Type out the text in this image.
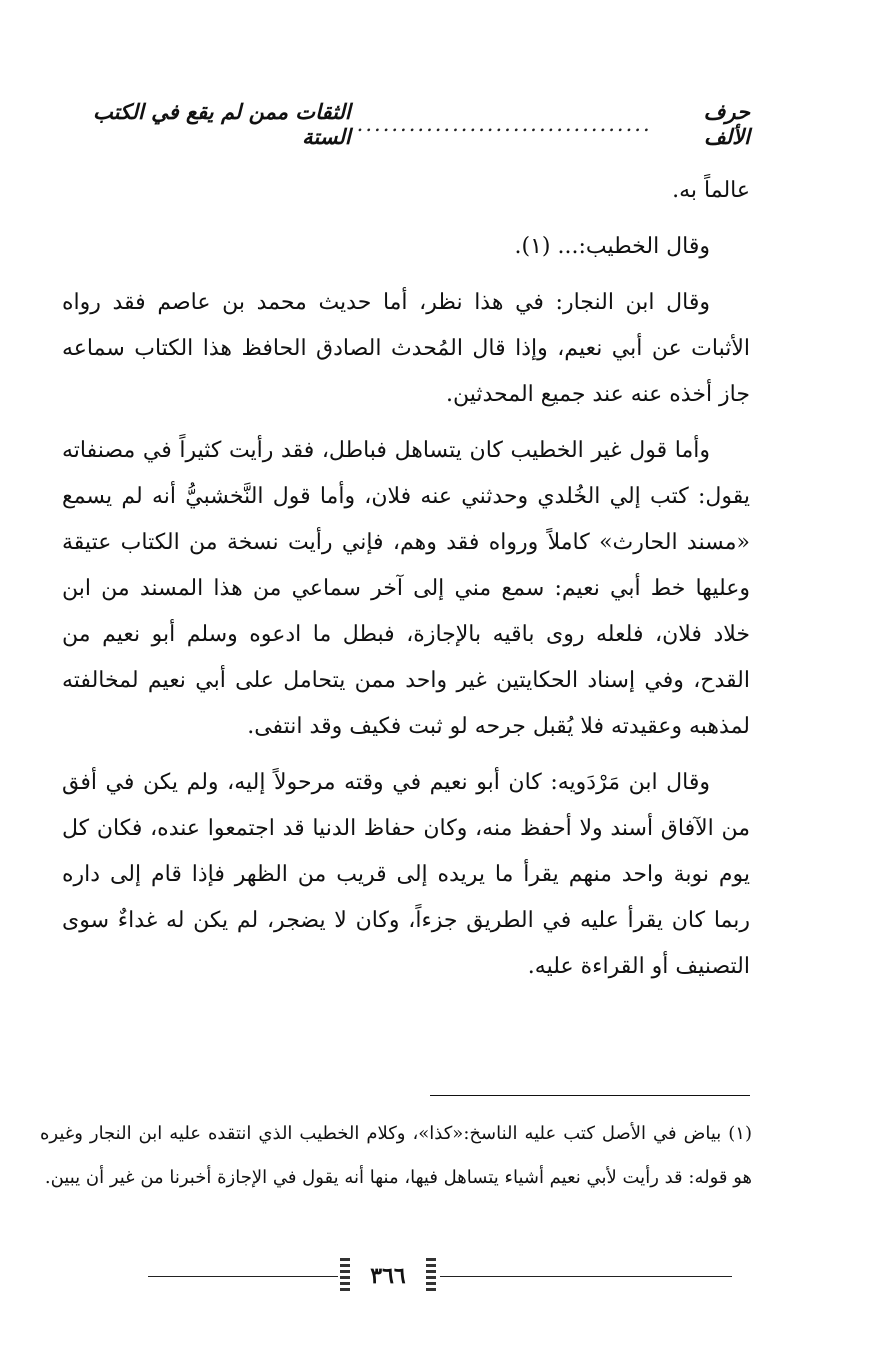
حرف الألف
..................................
الثقات ممن لم يقع في الكتب الستة

عالماً به.

وقال الخطيب:... (١).

وقال ابن النجار: في هذا نظر، أما حديث محمد بن عاصم فقد رواه الأثبات عن أبي نعيم، وإذا قال المُحدث الصادق الحافظ هذا الكتاب سماعه جاز أخذه عنه عند جميع المحدثين.

وأما قول غير الخطيب كان يتساهل فباطل، فقد رأيت كثيراً في مصنفاته يقول: كتب إلي الخُلدي وحدثني عنه فلان، وأما قول النَّخشبيُّ أنه لم يسمع «مسند الحارث» كاملاً ورواه فقد وهم، فإني رأيت نسخة من الكتاب عتيقة وعليها خط أبي نعيم: سمع مني إلى آخر سماعي من هذا المسند من ابن خلاد فلان، فلعله روى باقيه بالإجازة، فبطل ما ادعوه وسلم أبو نعيم من القدح، وفي إسناد الحكايتين غير واحد ممن يتحامل على أبي نعيم لمخالفته لمذهبه وعقيدته فلا يُقبل جرحه لو ثبت فكيف وقد انتفى.

وقال ابن مَرْدَويه: كان أبو نعيم في وقته مرحولاً إليه، ولم يكن في أفق من الآفاق أسند ولا أحفظ منه، وكان حفاظ الدنيا قد اجتمعوا عنده، فكان كل يوم نوبة واحد منهم يقرأ ما يريده إلى قريب من الظهر فإذا قام إلى داره ربما كان يقرأ عليه في الطريق جزءاً، وكان لا يضجر، لم يكن له غداءٌ سوى التصنيف أو القراءة عليه.

(١) بياض في الأصل كتب عليه الناسخ:«كذا»، وكلام الخطيب الذي انتقده عليه ابن النجار وغيره هو قوله: قد رأيت لأبي نعيم أشياء يتساهل فيها، منها أنه يقول في الإجازة أخبرنا من غير أن يبين.

٣٦٦
